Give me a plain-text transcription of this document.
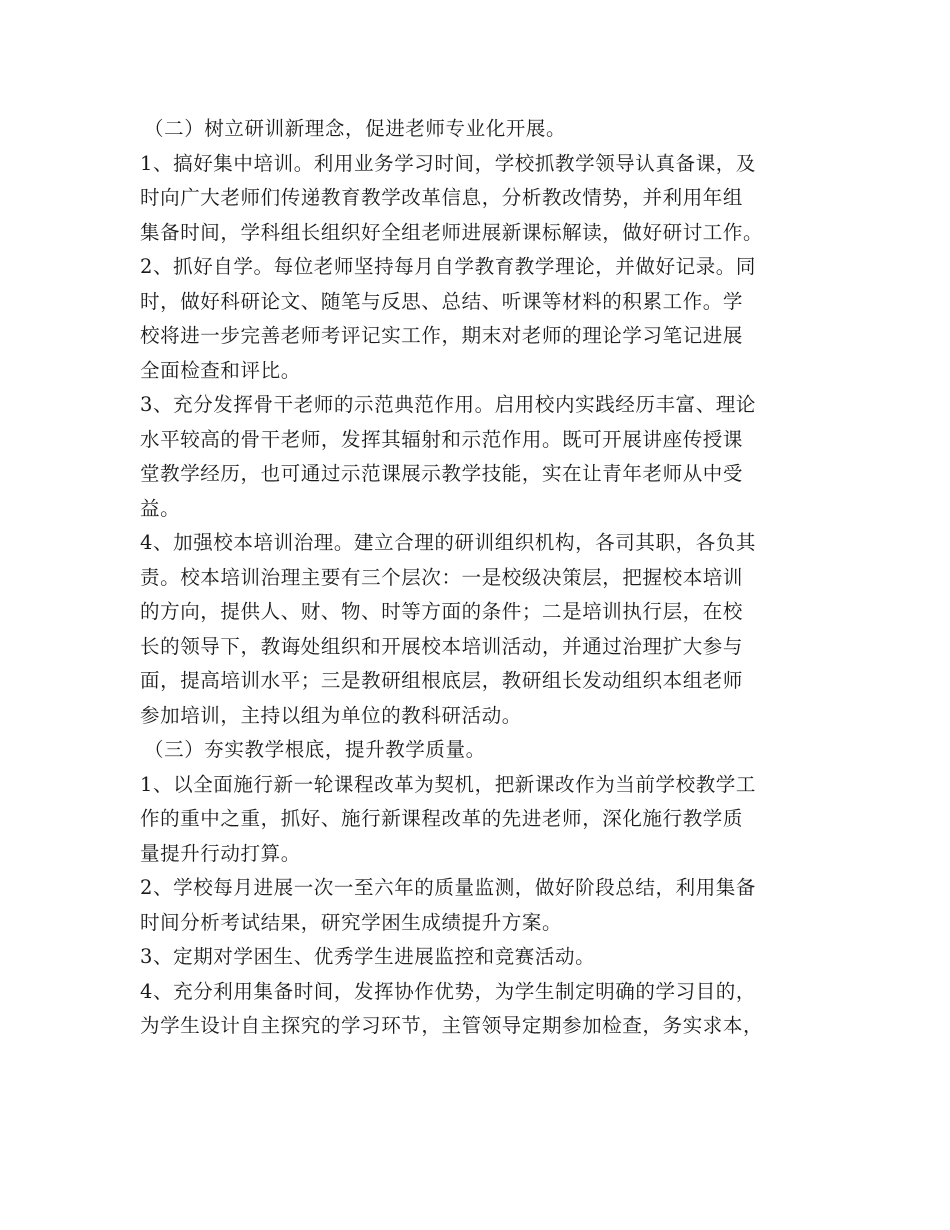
（二）树立研训新理念，促进老师专业化开展。
1、搞好集中培训。利用业务学习时间，学校抓教学领导认真备课，及
时向广大老师们传递教育教学改革信息，分析教改情势，并利用年组
集备时间，学科组长组织好全组老师进展新课标解读，做好研讨工作。
2、抓好自学。每位老师坚持每月自学教育教学理论，并做好记录。同
时，做好科研论文、随笔与反思、总结、听课等材料的积累工作。学
校将进一步完善老师考评记实工作，期末对老师的理论学习笔记进展
全面检查和评比。
3、充分发挥骨干老师的示范典范作用。启用校内实践经历丰富、理论
水平较高的骨干老师，发挥其辐射和示范作用。既可开展讲座传授课
堂教学经历，也可通过示范课展示教学技能，实在让青年老师从中受
益。
4、加强校本培训治理。建立合理的研训组织机构，各司其职，各负其
责。校本培训治理主要有三个层次：一是校级决策层，把握校本培训
的方向，提供人、财、物、时等方面的条件；二是培训执行层，在校
长的领导下，教诲处组织和开展校本培训活动，并通过治理扩大参与
面，提高培训水平；三是教研组根底层，教研组长发动组织本组老师
参加培训，主持以组为单位的教科研活动。
（三）夯实教学根底，提升教学质量。
1、以全面施行新一轮课程改革为契机，把新课改作为当前学校教学工
作的重中之重，抓好、施行新课程改革的先进老师，深化施行教学质
量提升行动打算。
2、学校每月进展一次一至六年的质量监测，做好阶段总结，利用集备
时间分析考试结果，研究学困生成绩提升方案。
3、定期对学困生、优秀学生进展监控和竞赛活动。
4、充分利用集备时间，发挥协作优势，为学生制定明确的学习目的，
为学生设计自主探究的学习环节，主管领导定期参加检查，务实求本，
